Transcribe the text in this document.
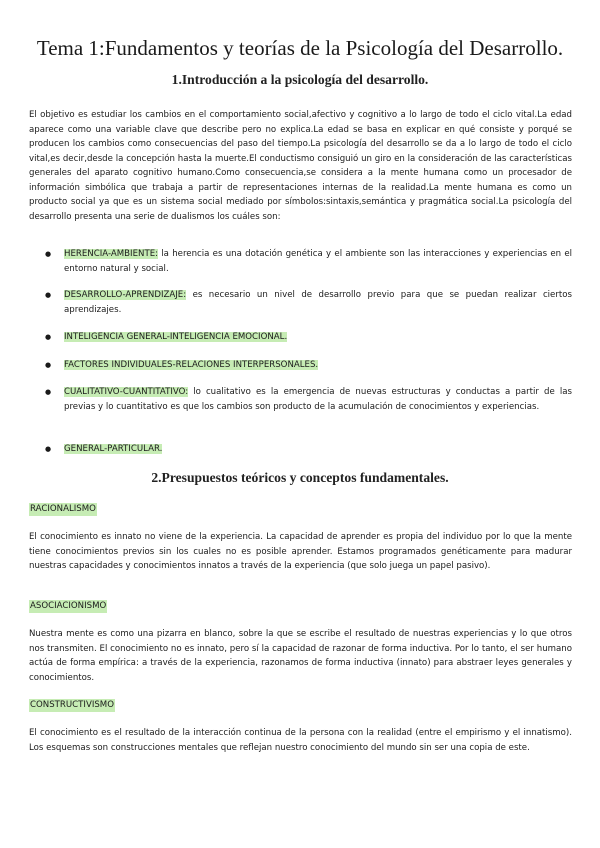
Tema 1:Fundamentos y teorías de la Psicología del Desarrollo.
1.Introducción a la psicología del desarrollo.
El objetivo es estudiar los cambios en el comportamiento social,afectivo y cognitivo a lo largo de todo el ciclo vital.La edad aparece como una variable clave que describe pero no explica.La edad se basa en explicar en qué consiste y porqué se producen los cambios como consecuencias del paso del tiempo.La psicología del desarrollo se da a lo largo de todo el ciclo vital,es decir,desde la concepción hasta la muerte.El conductismo consiguió un giro en la consideración de las características generales del aparato cognitivo humano.Como consecuencia,se considera a la mente humana como un procesador de información simbólica que trabaja a partir de representaciones internas de la realidad.La mente humana es como un producto social ya que es un sistema social mediado por símbolos:sintaxis,semántica y pragmática social.La psicología del desarrollo presenta una serie de dualismos los cuáles son:
● HERENCIA-AMBIENTE: la herencia es una dotación genética y el ambiente son las interacciones y experiencias en el entorno natural y social.
● DESARROLLO-APRENDIZAJE: es necesario un nivel de desarrollo previo para que se puedan realizar ciertos aprendizajes.
● INTELIGENCIA GENERAL-INTELIGENCIA EMOCIONAL.
● FACTORES INDIVIDUALES-RELACIONES INTERPERSONALES.
● CUALITATIVO-CUANTITATIVO: lo cualitativo es la emergencia de nuevas estructuras y conductas a partir de las previas y lo cuantitativo es que los cambios son producto de la acumulación de conocimientos y experiencias.
● GENERAL-PARTICULAR.
2.Presupuestos teóricos y conceptos fundamentales.
RACIONALISMO
El conocimiento es innato no viene de la experiencia. La capacidad de aprender es propia del individuo por lo que la mente tiene conocimientos previos sin los cuales no es posible aprender. Estamos programados genéticamente para madurar nuestras capacidades y conocimientos innatos a través de la experiencia (que solo juega un papel pasivo).
ASOCIACIONISMO
Nuestra mente es como una pizarra en blanco, sobre la que se escribe el resultado de nuestras experiencias y lo que otros nos transmiten. El conocimiento no es innato, pero sí la capacidad de razonar de forma inductiva. Por lo tanto, el ser humano actúa de forma empírica: a través de la experiencia, razonamos de forma inductiva (innato) para abstraer leyes generales y conocimientos.
CONSTRUCTIVISMO
El conocimiento es el resultado de la interacción continua de la persona con la realidad (entre el empirismo y el innatismo). Los esquemas son construcciones mentales que reflejan nuestro conocimiento del mundo sin ser una copia de este.
